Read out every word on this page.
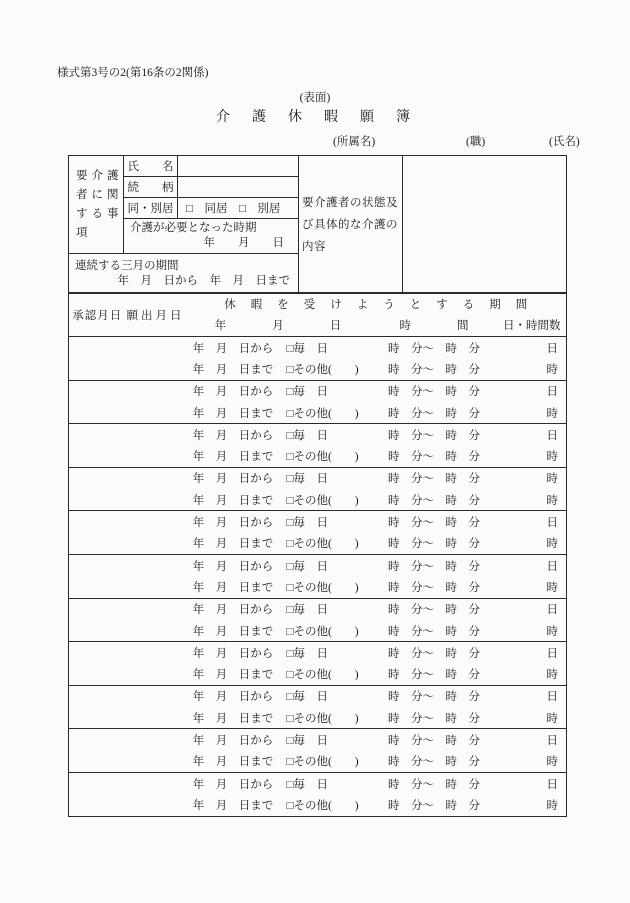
様式第3号の2(第16条の2関係)
(表面)
介　護　休　暇　願　簿
(所属名)	(職)	(氏名)
要介護者に関する事項	氏　　名		要介護者の状態及び具体的な介護の内容	
	続　　柄			
	同・別居	□　同居　□　別居		

	介護が必要となった時期
年　　月　　日			

連続する三月の期間
年　月　日から　年　月　日まで				
承認月日	願出月日	休暇を受けようとする期間			
		年　　　　月　　　　日		時　　　　間	日・時間数
		年　月　日から	□毎　日	時　分～　時　分	日
		年　月　日まで	□その他(　　)	時　分～　時　分	時
		年　月　日から	□毎　日	時　分～　時　分	日
		年　月　日まで	□その他(　　)	時　分～　時　分	時
		年　月　日から	□毎　日	時　分～　時　分	日
		年　月　日まで	□その他(　　)	時　分～　時　分	時
		年　月　日から	□毎　日	時　分～　時　分	時
		年　月　日まで	□その他(　　)	時　分～　時　分	時
		年　月　日から	□毎　日	時　分～　時　分	日
		年　月　日まで	□その他(　　)	時　分～　時　分	時
		年　月　日から	□毎　日	時　分～　時　分	日
		年　月　日まで	□その他(　　)	時　分～　時　分	時
		年　月　日から	□毎　日	時　分～　時　分	日
		年　月　日まで	□その他(　　)	時　分～　時　分	時
		年　月　日から	□毎　日	時　分～　時　分	日
		年　月　日まで	□その他(　　)	時　分～　時　分	時
		年　月　日から	□毎　日	時　分～　時　分	日
		年　月　日まで	□その他(　　)	時　分～　時　分	時
		年　月　日から	□毎　日	時　分～　時　分	日
		年　月　日まで	□その他(　　)	時　分～　時　分	時
		年　月　日から	□毎　日	時　分～　時　分	日
		年　月　日まで	□その他(　　)	時　分～　時　分	時
